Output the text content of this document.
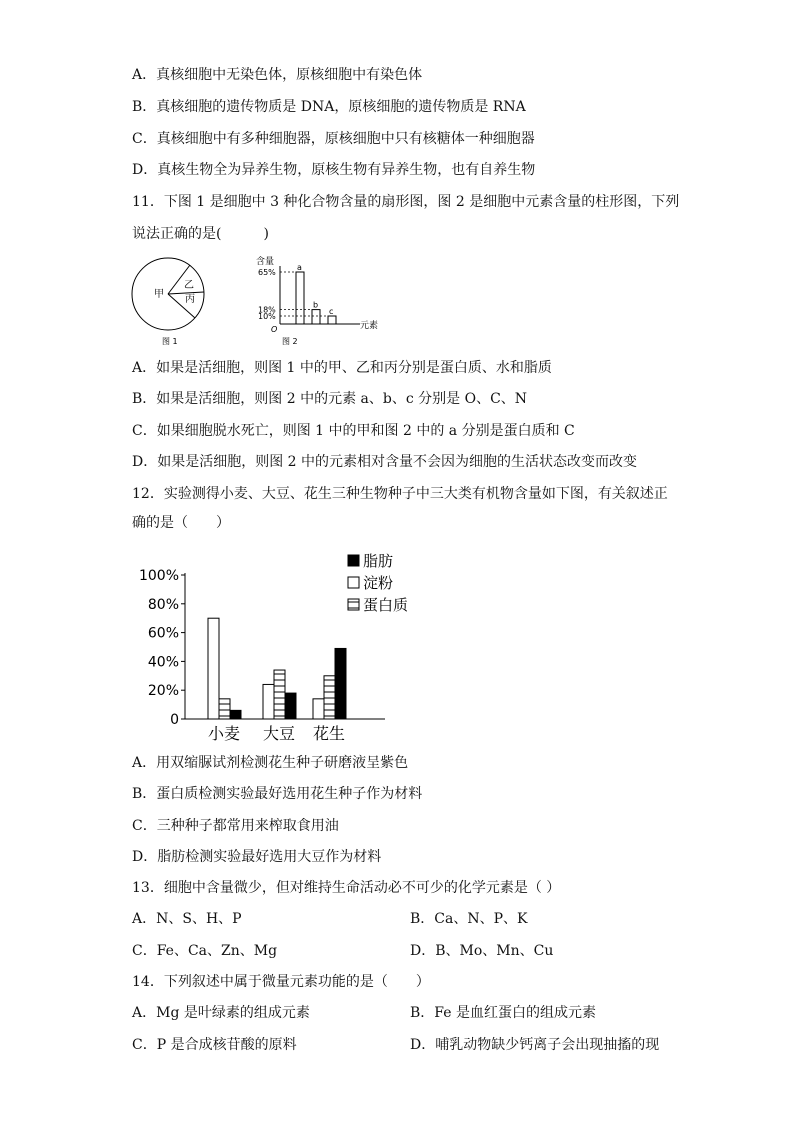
A．真核细胞中无染色体，原核细胞中有染色体
B．真核细胞的遗传物质是 DNA，原核细胞的遗传物质是 RNA
C．真核细胞中有多种细胞器，原核细胞中只有核糖体一种细胞器
D．真核生物全为异养生物，原核生物有异养生物，也有自养生物
11．下图 1 是细胞中 3 种化合物含量的扇形图，图 2 是细胞中元素含量的柱形图，下列
说法正确的是(　　　)
甲
乙
丙
图 1
含量
O	元素
图 2
a
65%
b
18%	c
10%
A．如果是活细胞，则图 1 中的甲、乙和丙分别是蛋白质、水和脂质
B．如果是活细胞，则图 2 中的元素 a、b、c 分别是 O、C、N
C．如果细胞脱水死亡，则图 1 中的甲和图 2 中的 a 分别是蛋白质和 C
D．如果是活细胞，则图 2 中的元素相对含量不会因为细胞的生活状态改变而改变
12．实验测得小麦、大豆、花生三种生物种子中三大类有机物含量如下图，有关叙述正
确的是（　　）
0
20%
40%
60%
80%
100%
小麦 大豆 花生
脂肪
淀粉
蛋白质
A．用双缩脲试剂检测花生种子研磨液呈紫色
B．蛋白质检测实验最好选用花生种子作为材料
C．三种种子都常用来榨取食用油
D．脂肪检测实验最好选用大豆作为材料
13．细胞中含量微少，但对维持生命活动必不可少的化学元素是（ ）
A．N、S、H、P	B．Ca、N、P、K
C．Fe、Ca、Zn、Mg	D．B、Mo、Mn、Cu
14．下列叙述中属于微量元素功能的是（　　）
A．Mg 是叶绿素的组成元素	B．Fe 是血红蛋白的组成元素
C．P 是合成核苷酸的原料	D．哺乳动物缺少钙离子会出现抽搐的现
